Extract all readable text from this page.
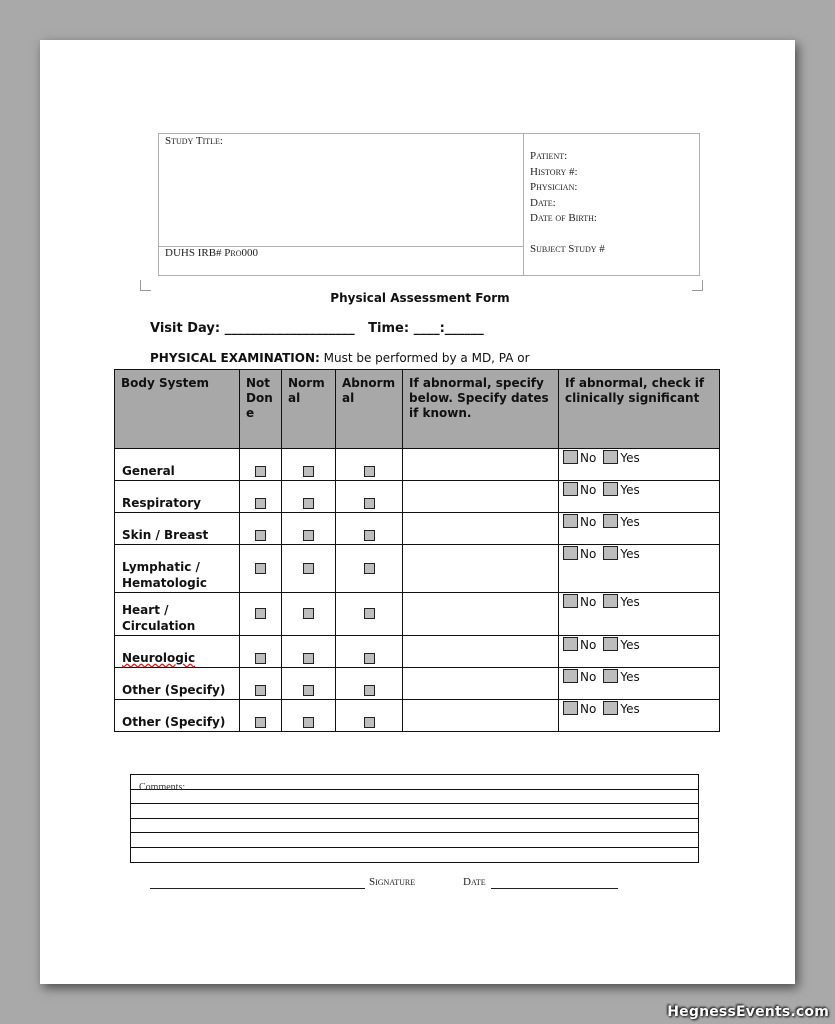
Study Title:
DUHS IRB# Pro000
Patient:
History #:
Physician:
Date:
Date of Birth:
Subject Study #
Physical Assessment Form
Visit Day: ____________________   Time: ____:______
PHYSICAL EXAMINATION: Must be performed by a MD, PA or
Body System	Not Done	Normal	Abnormal	If abnormal, specify below. Specify dates if known.	If abnormal, check if clinically significant
General					No Yes
Respiratory					No Yes
Skin / Breast					No Yes
Lymphatic / Hematologic					No Yes
Heart / Circulation					No Yes
Neurologic					No Yes
Other (Specify)					No Yes
Other (Specify)					No Yes
Comments:
Signature	Date
HegnessEvents.com
